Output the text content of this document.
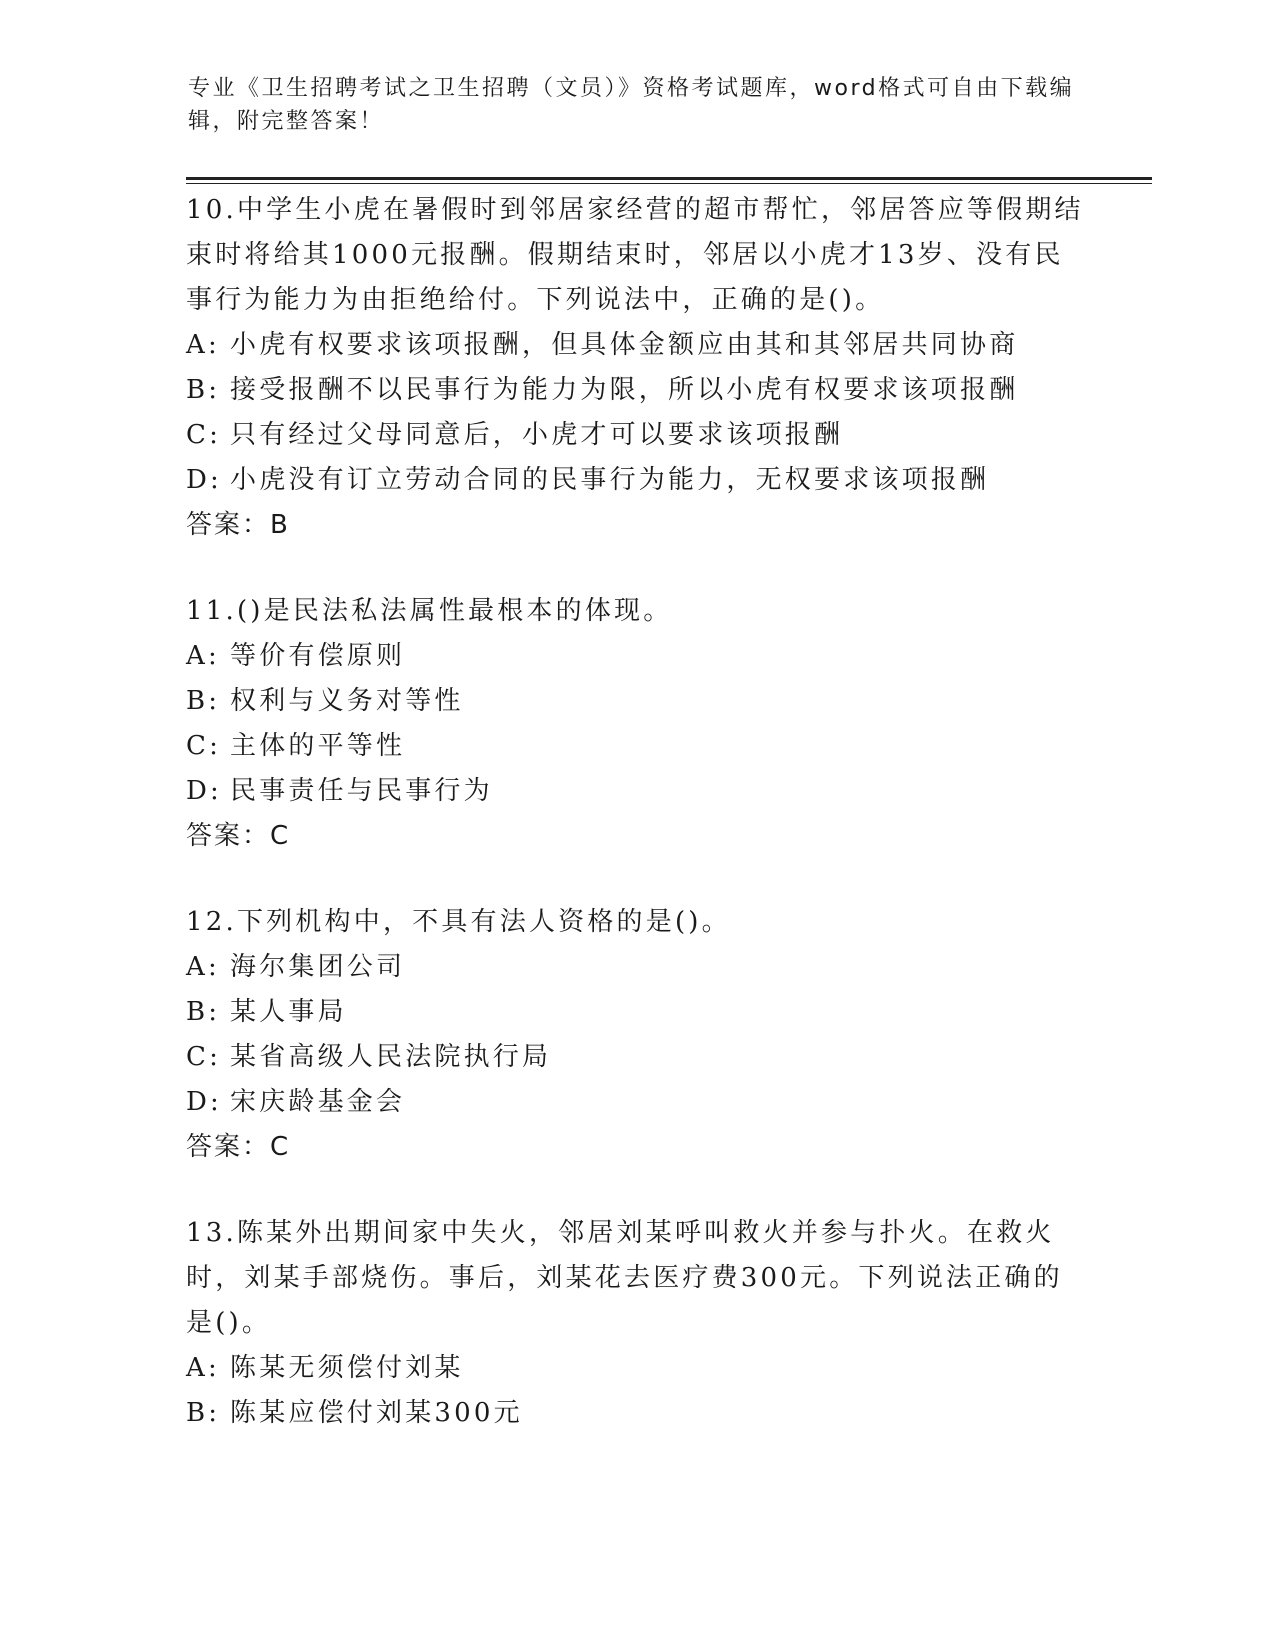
专业《卫生招聘考试之卫生招聘（文员）》资格考试题库，word格式可自由下载编辑，附完整答案！
10.中学生小虎在暑假时到邻居家经营的超市帮忙，邻居答应等假期结束时将给其1000元报酬。假期结束时，邻居以小虎才13岁、没有民事行为能力为由拒绝给付。下列说法中，正确的是()。
A: 小虎有权要求该项报酬，但具体金额应由其和其邻居共同协商
B: 接受报酬不以民事行为能力为限，所以小虎有权要求该项报酬
C: 只有经过父母同意后，小虎才可以要求该项报酬
D: 小虎没有订立劳动合同的民事行为能力，无权要求该项报酬
答案：B
11.()是民法私法属性最根本的体现。
A: 等价有偿原则
B: 权利与义务对等性
C: 主体的平等性
D: 民事责任与民事行为
答案：C
12.下列机构中，不具有法人资格的是()。
A: 海尔集团公司
B: 某人事局
C: 某省高级人民法院执行局
D: 宋庆龄基金会
答案：C
13.陈某外出期间家中失火，邻居刘某呼叫救火并参与扑火。在救火时，刘某手部烧伤。事后，刘某花去医疗费300元。下列说法正确的是()。
A: 陈某无须偿付刘某
B: 陈某应偿付刘某300元
